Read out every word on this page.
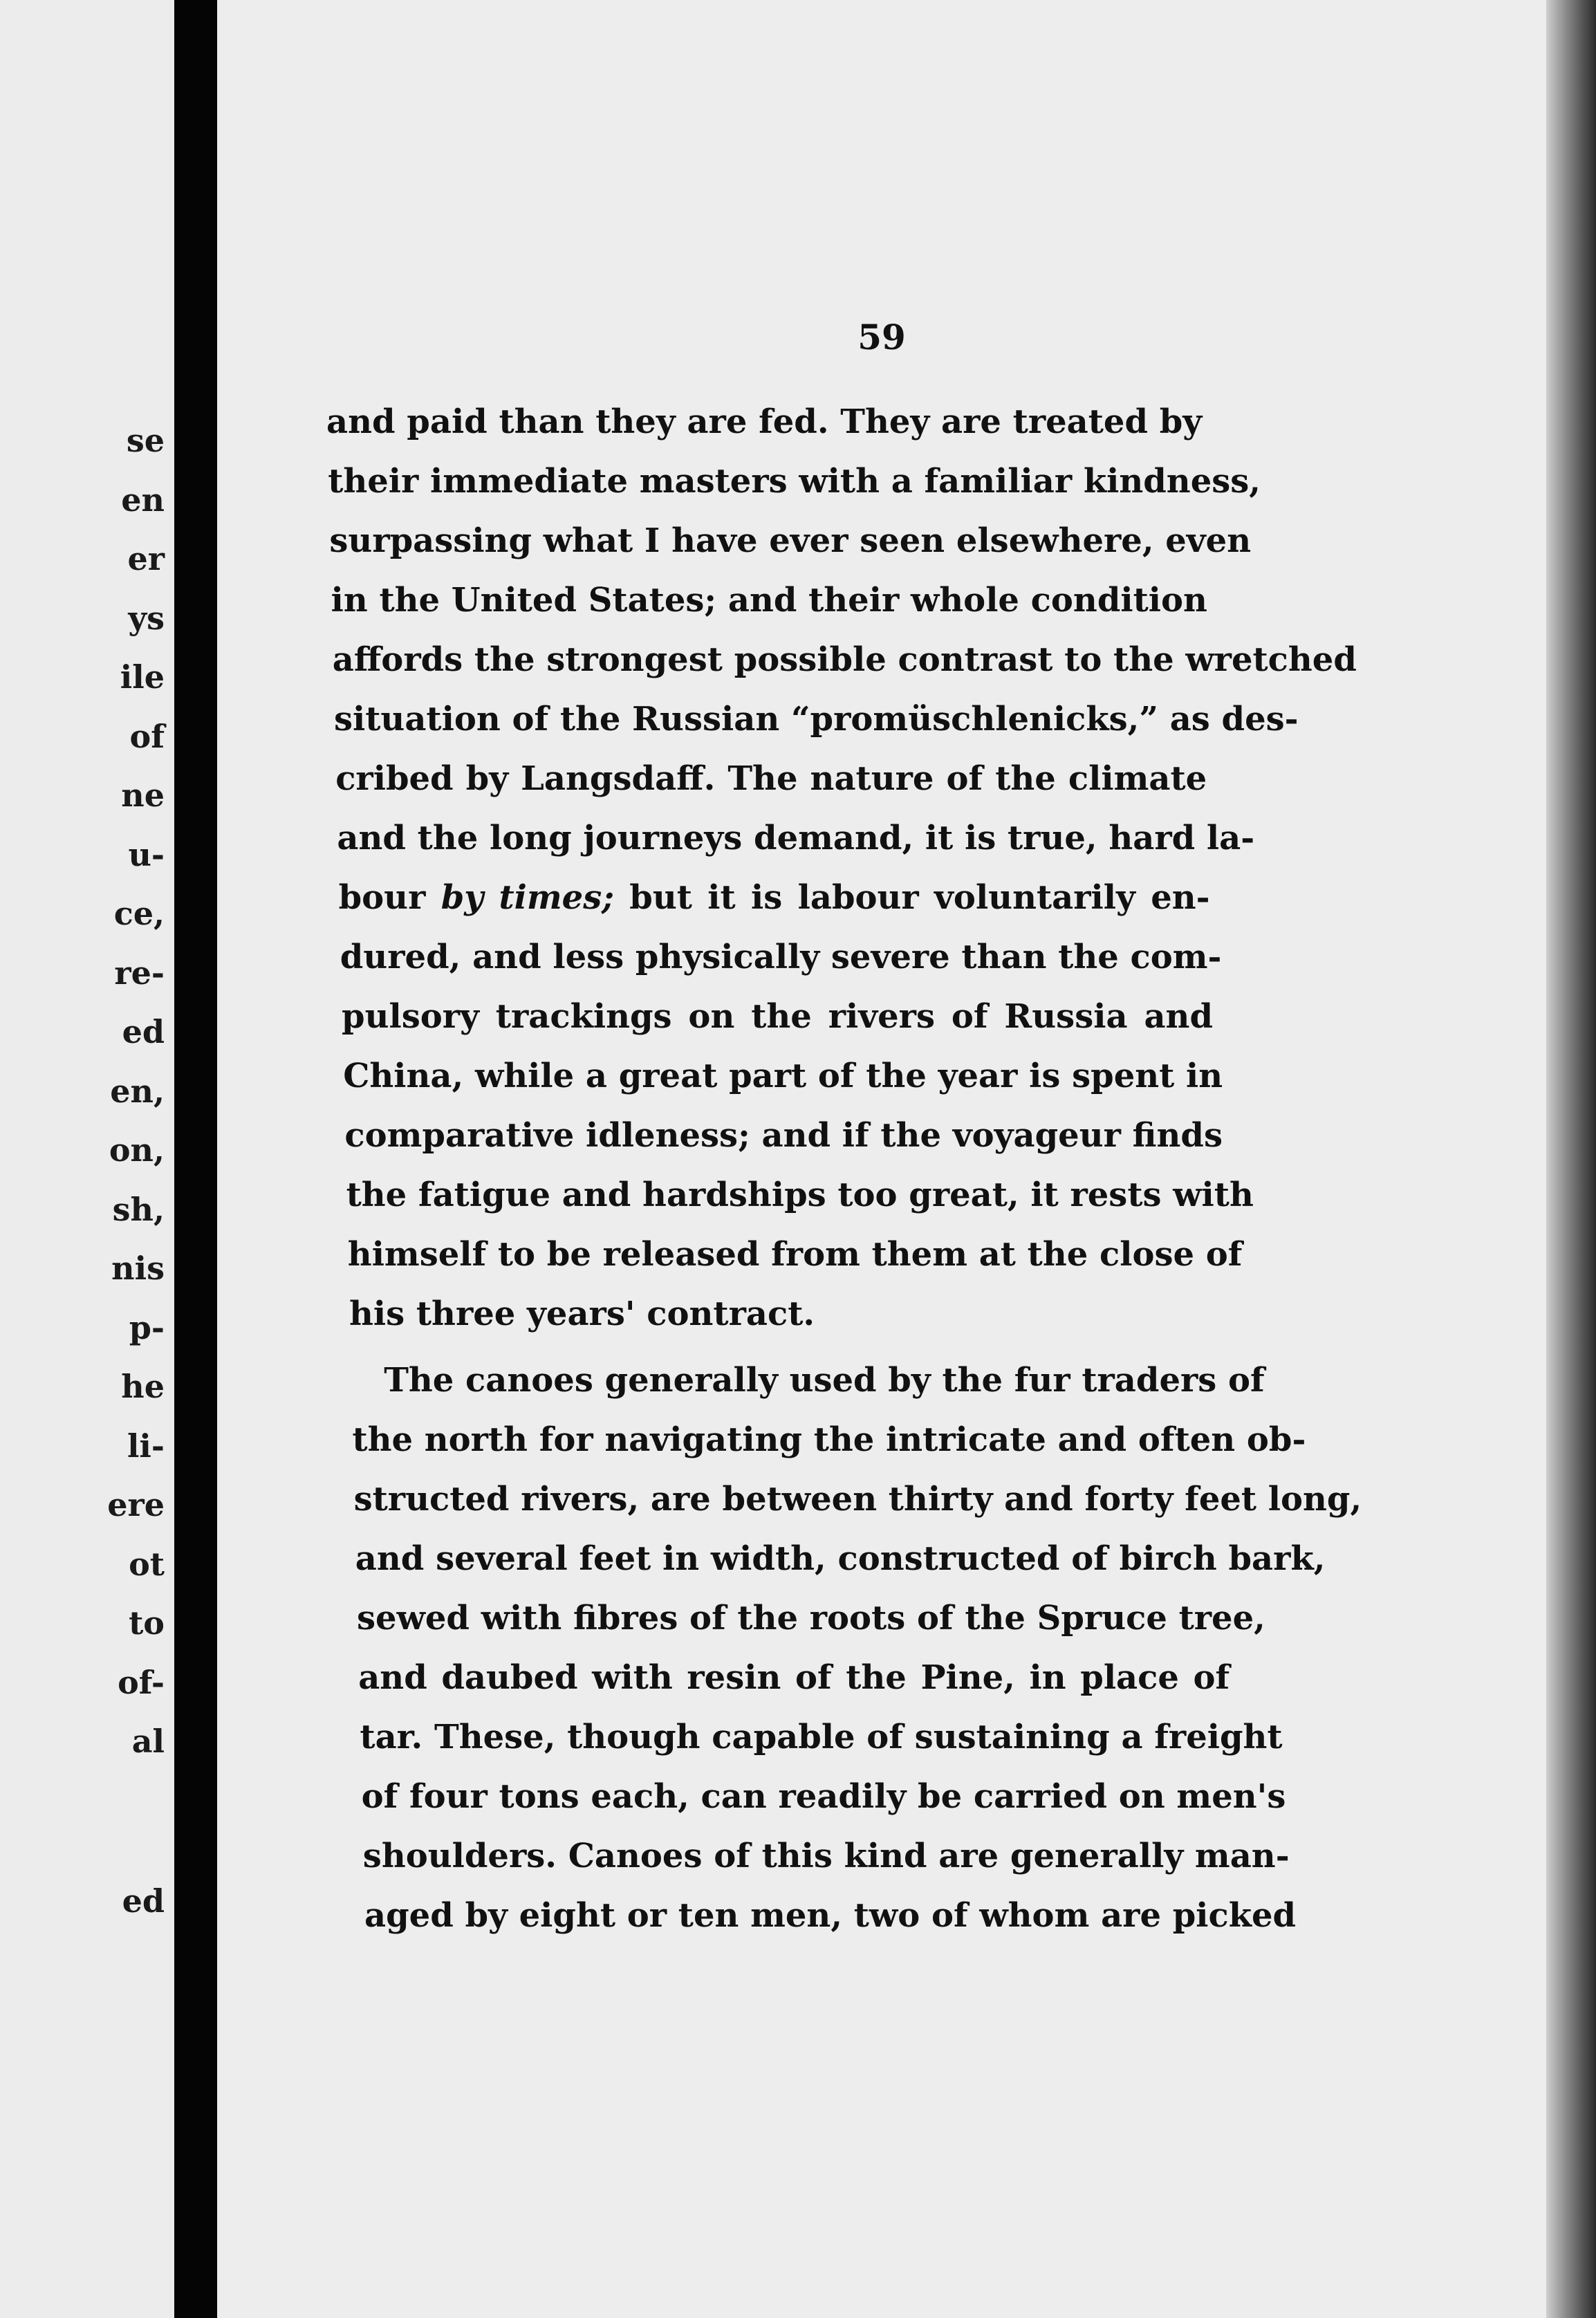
se
en
er
ys
ile
of
ne
u-
ce,
re-
ed
en,
on,
sh,
nis
p-
he
li-
ere
ot
to
of-
al
ed
59
and paid than they are fed. They are treated by
their immediate masters with a familiar kindness,
surpassing what I have ever seen elsewhere, even
in the United States; and their whole condition
affords the strongest possible contrast to the wretched
situation of the Russian “promüschlenicks,” as des-
cribed by Langsdaff. The nature of the climate
and the long journeys demand, it is true, hard la-
bour by times; but it is labour voluntarily en-
dured, and less physically severe than the com-
pulsory trackings on the rivers of Russia and
China, while a great part of the year is spent in
comparative idleness; and if the voyageur finds
the fatigue and hardships too great, it rests with
himself to be released from them at the close of
his three years' contract.
The canoes generally used by the fur traders of
the north for navigating the intricate and often ob-
structed rivers, are between thirty and forty feet long,
and several feet in width, constructed of birch bark,
sewed with fibres of the roots of the Spruce tree,
and daubed with resin of the Pine, in place of
tar. These, though capable of sustaining a freight
of four tons each, can readily be carried on men's
shoulders. Canoes of this kind are generally man-
aged by eight or ten men, two of whom are picked
